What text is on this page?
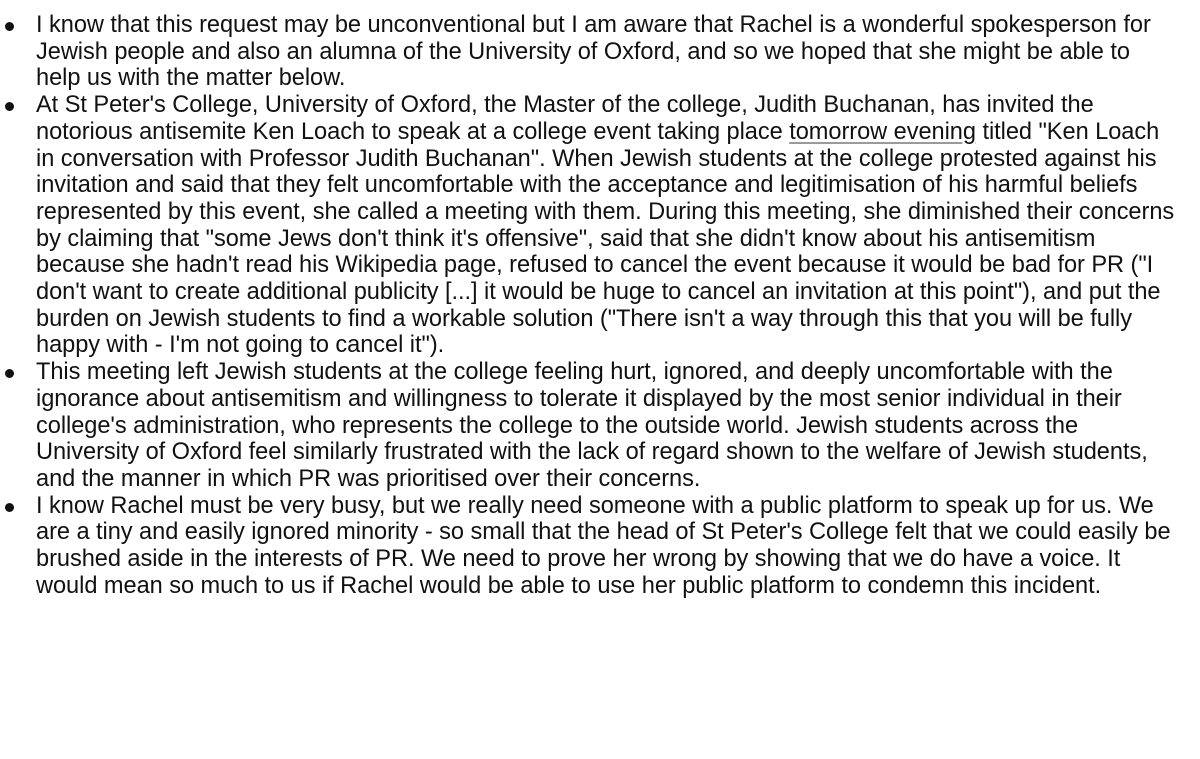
I know that this request may be unconventional but I am aware that Rachel is a wonderful spokesperson for Jewish people and also an alumna of the University of Oxford, and so we hoped that she might be able to help us with the matter below.
At St Peter's College, University of Oxford, the Master of the college, Judith Buchanan, has invited the notorious antisemite Ken Loach to speak at a college event taking place tomorrow evening titled "Ken Loach in conversation with Professor Judith Buchanan". When Jewish students at the college protested against his invitation and said that they felt uncomfortable with the acceptance and legitimisation of his harmful beliefs represented by this event, she called a meeting with them. During this meeting, she diminished their concerns by claiming that "some Jews don't think it's offensive", said that she didn't know about his antisemitism because she hadn't read his Wikipedia page, refused to cancel the event because it would be bad for PR ("I don't want to create additional publicity [...] it would be huge to cancel an invitation at this point"), and put the burden on Jewish students to find a workable solution ("There isn't a way through this that you will be fully happy with - I'm not going to cancel it").
This meeting left Jewish students at the college feeling hurt, ignored, and deeply uncomfortable with the ignorance about antisemitism and willingness to tolerate it displayed by the most senior individual in their college's administration, who represents the college to the outside world. Jewish students across the University of Oxford feel similarly frustrated with the lack of regard shown to the welfare of Jewish students, and the manner in which PR was prioritised over their concerns.
I know Rachel must be very busy, but we really need someone with a public platform to speak up for us. We are a tiny and easily ignored minority - so small that the head of St Peter's College felt that we could easily be brushed aside in the interests of PR. We need to prove her wrong by showing that we do have a voice. It would mean so much to us if Rachel would be able to use her public platform to condemn this incident.
